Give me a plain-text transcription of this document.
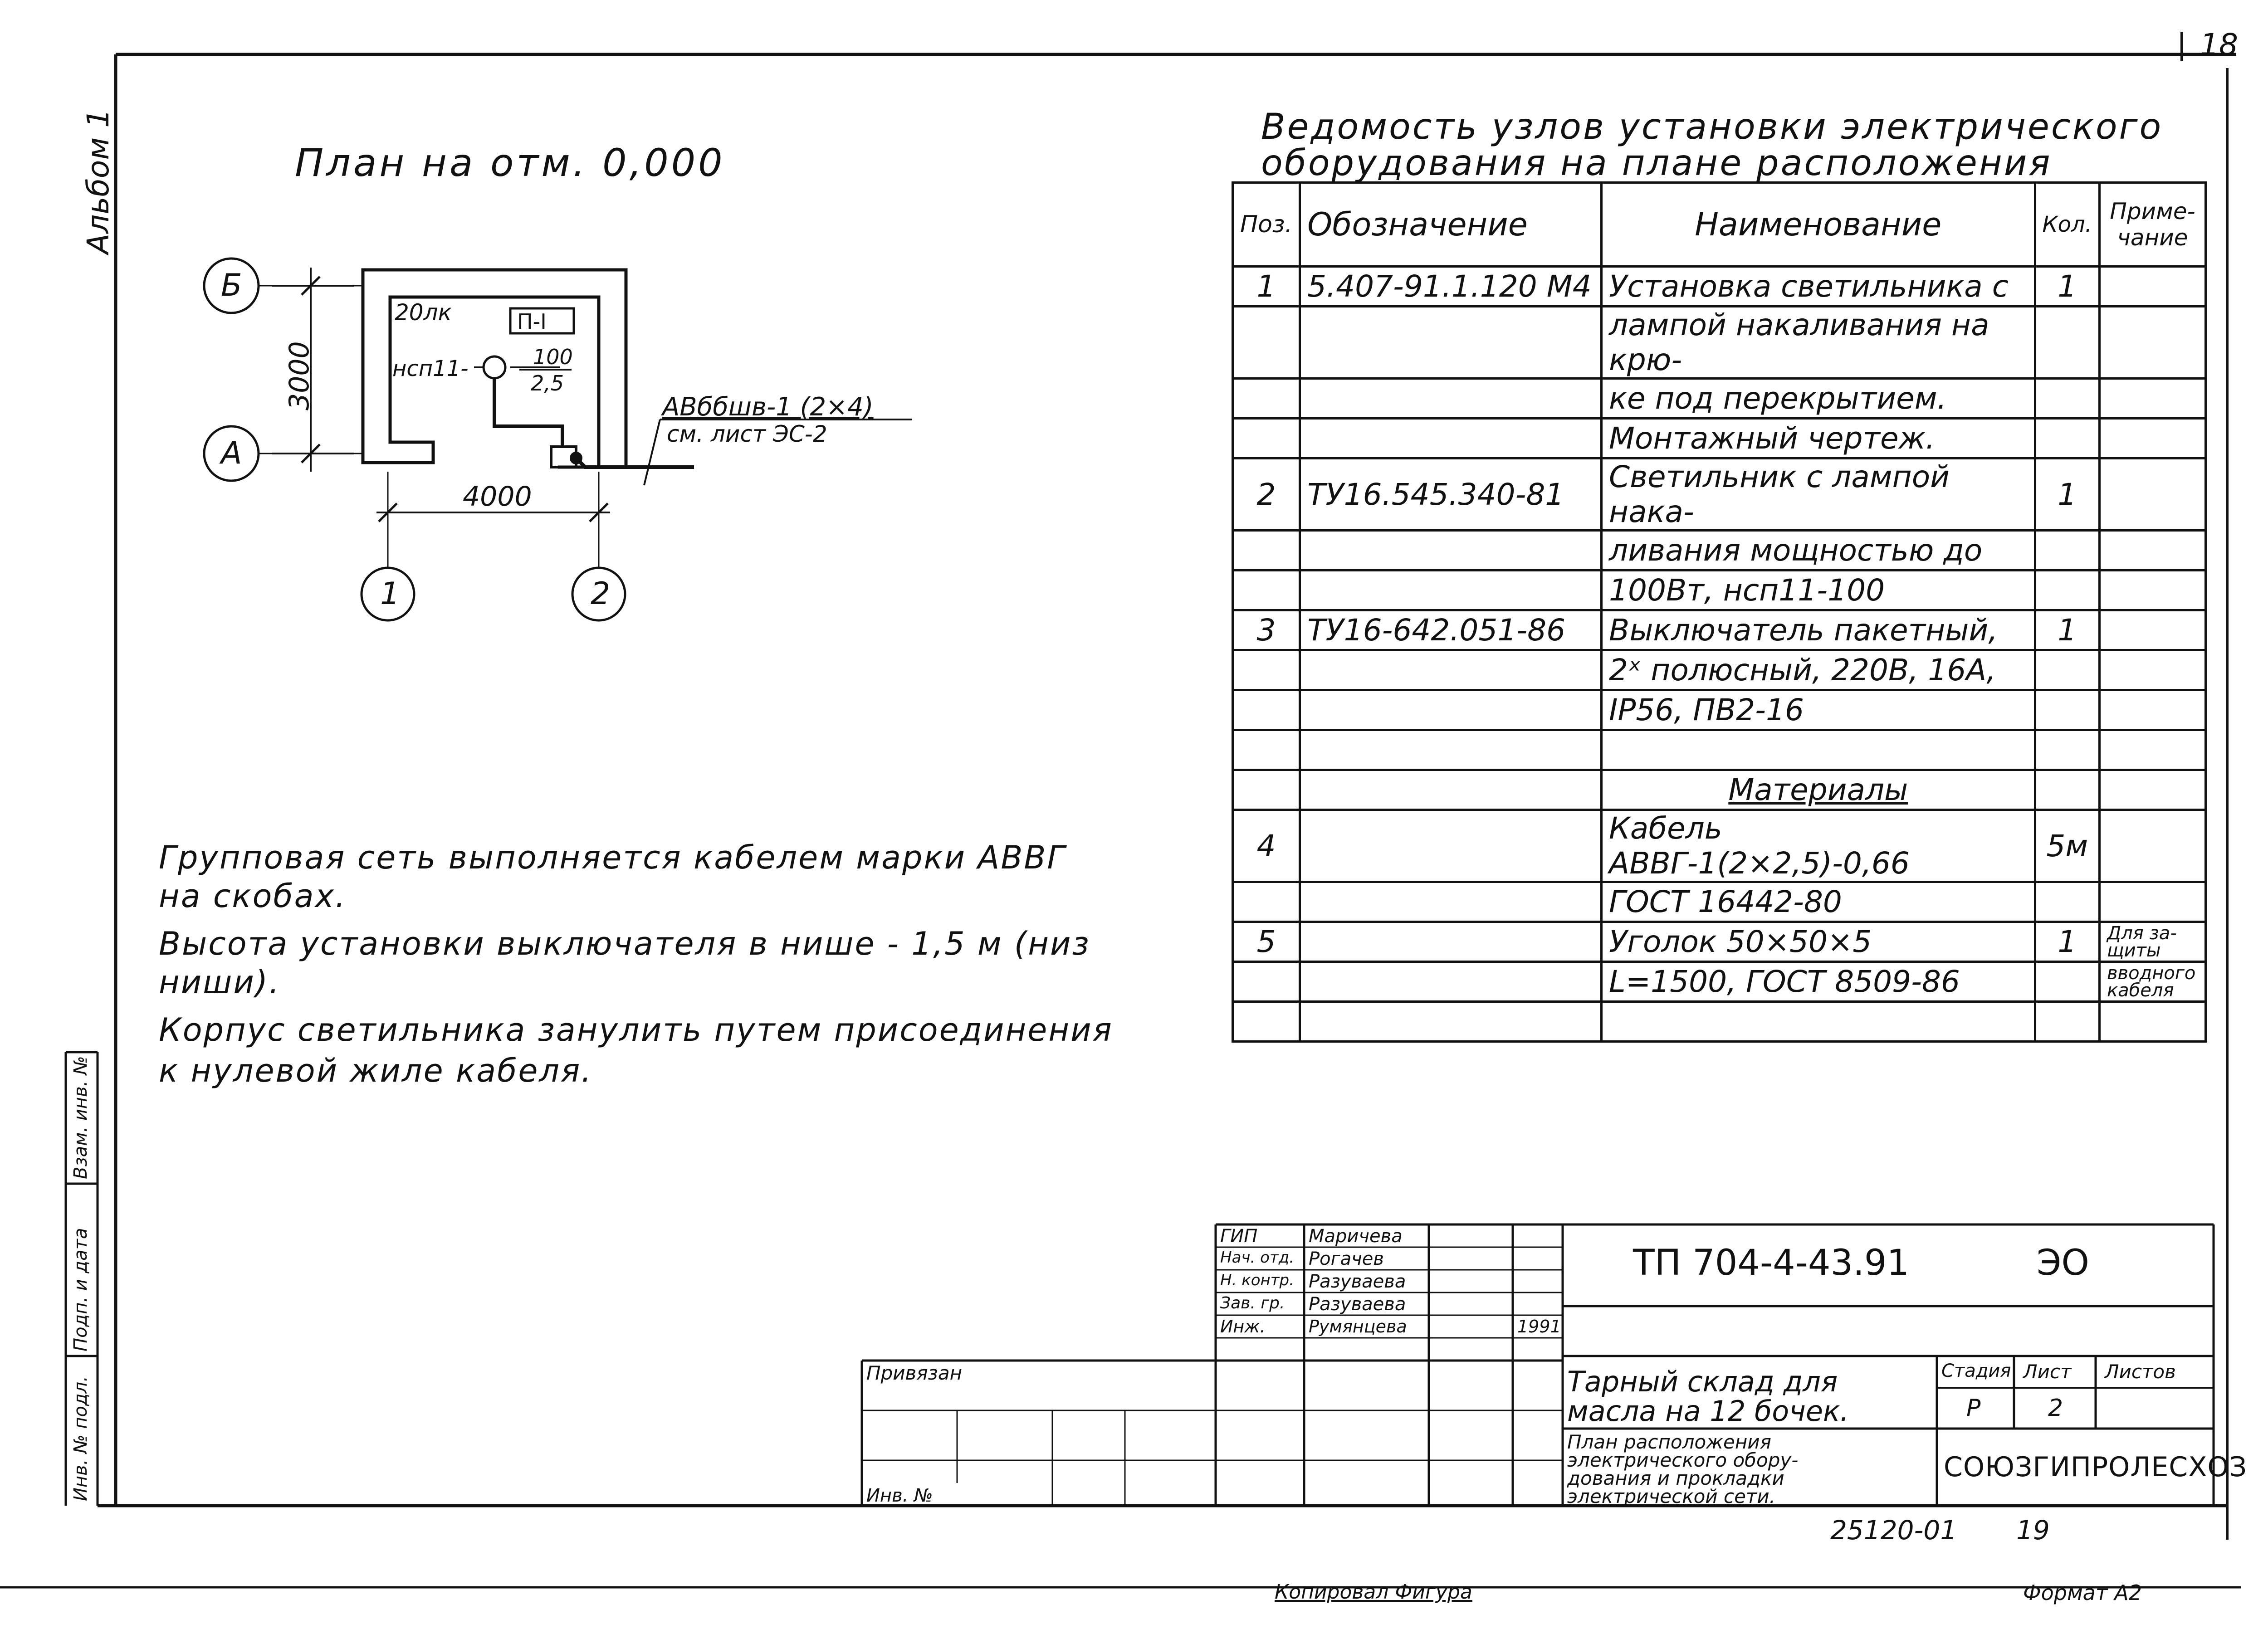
18
Альбом 1	План на отм. 0,000
Б
А
1	2
3000
4000
20лк	П-I
нсп11-	100
2,5
АВббшв-1 (2×4)
см. лист ЭС-2
Групповая сеть выполняется кабелем марки АВВГ
на скобах.
Высота установки выключателя в нише - 1,5 м (низ
ниши).
Корпус светильника занулить путем присоединения
к нулевой жиле кабеля.
Ведомость узлов установки электрического
оборудования на плане расположения
Поз.	Обозначение	Наименование	Кол.	Приме- чание
1	5.407-91.1.120 М4	Установка светильника с	1	
		лампой накаливания на крю-		
		ке под перекрытием.		
		Монтажный чертеж.		
2	ТУ16.545.340-81	Светильник с лампой нака-	1	
		ливания мощностью до		
		100Вт, нсп11-100		
3	ТУ16-642.051-86	Выключатель пакетный,	1	
		2ˣ полюсный, 220В, 16А,		
		IP56, ПВ2-16		

		Материалы		
4		Кабель АВВГ-1(2×2,5)-0,66	5м	
		ГОСТ 16442-80		
5		Уголок 50×50×5	1	Для за- щиты
		L=1500, ГОСТ 8509-86		вводного кабеля

ГИП	Маричева
Нач. отд. Рогачев
Н. контр. Разуваева
Зав. гр. Разуваева
Инж.	Румянцева	1991
Привязан
Инв. №
ТП 704-4-43.91	ЭО
Тарный склад для
масла на 12 бочек.
Стадия Лист Листов
Р	2
План расположения
электрического обору-
дования и прокладки
электрической сети.
СОЮЗГИПРОЛЕСХОЗ
Взам. инв. №
Подп. и дата
Инв. № подл.
25120-01 19
Копировал Фигура	Формат А2
